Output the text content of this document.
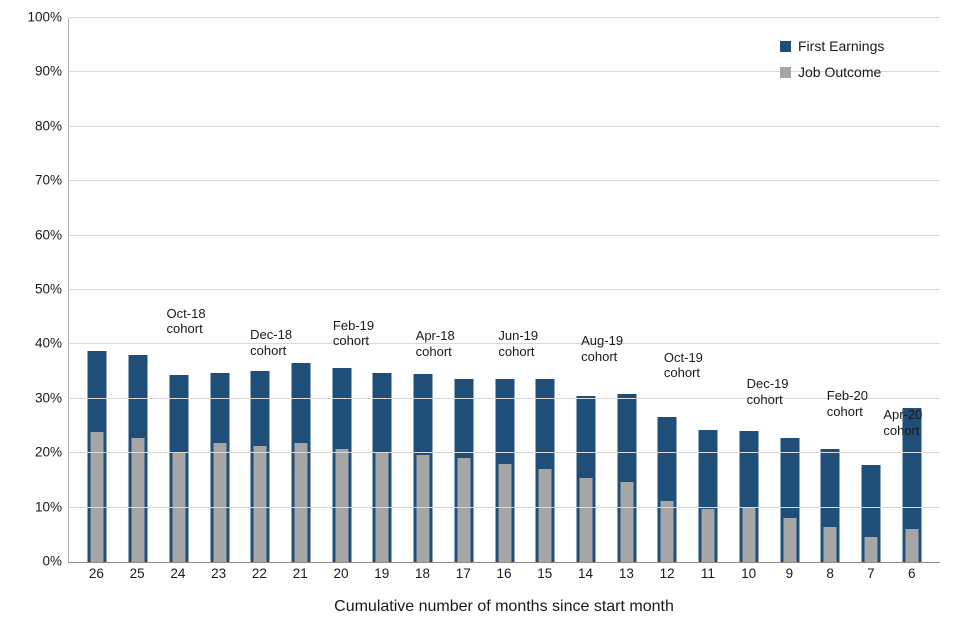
0%
10%
20%
30%
40%
50%
60%
70%
80%
90%
100%
Oct-18
cohort	Dec-18
cohort
Feb-19
cohort	Apr-18
cohort
Jun-19
cohort
Aug-19
cohort	Oct-19
cohort
Dec-19
cohort	Feb-20
cohort	Apr-20
cohort
26	25	24	23	22	21	20	19	18	17	16	15	14	13	12	11	10	9	8	7	6
Cumulative number of months since start month
First Earnings
Job Outcome
